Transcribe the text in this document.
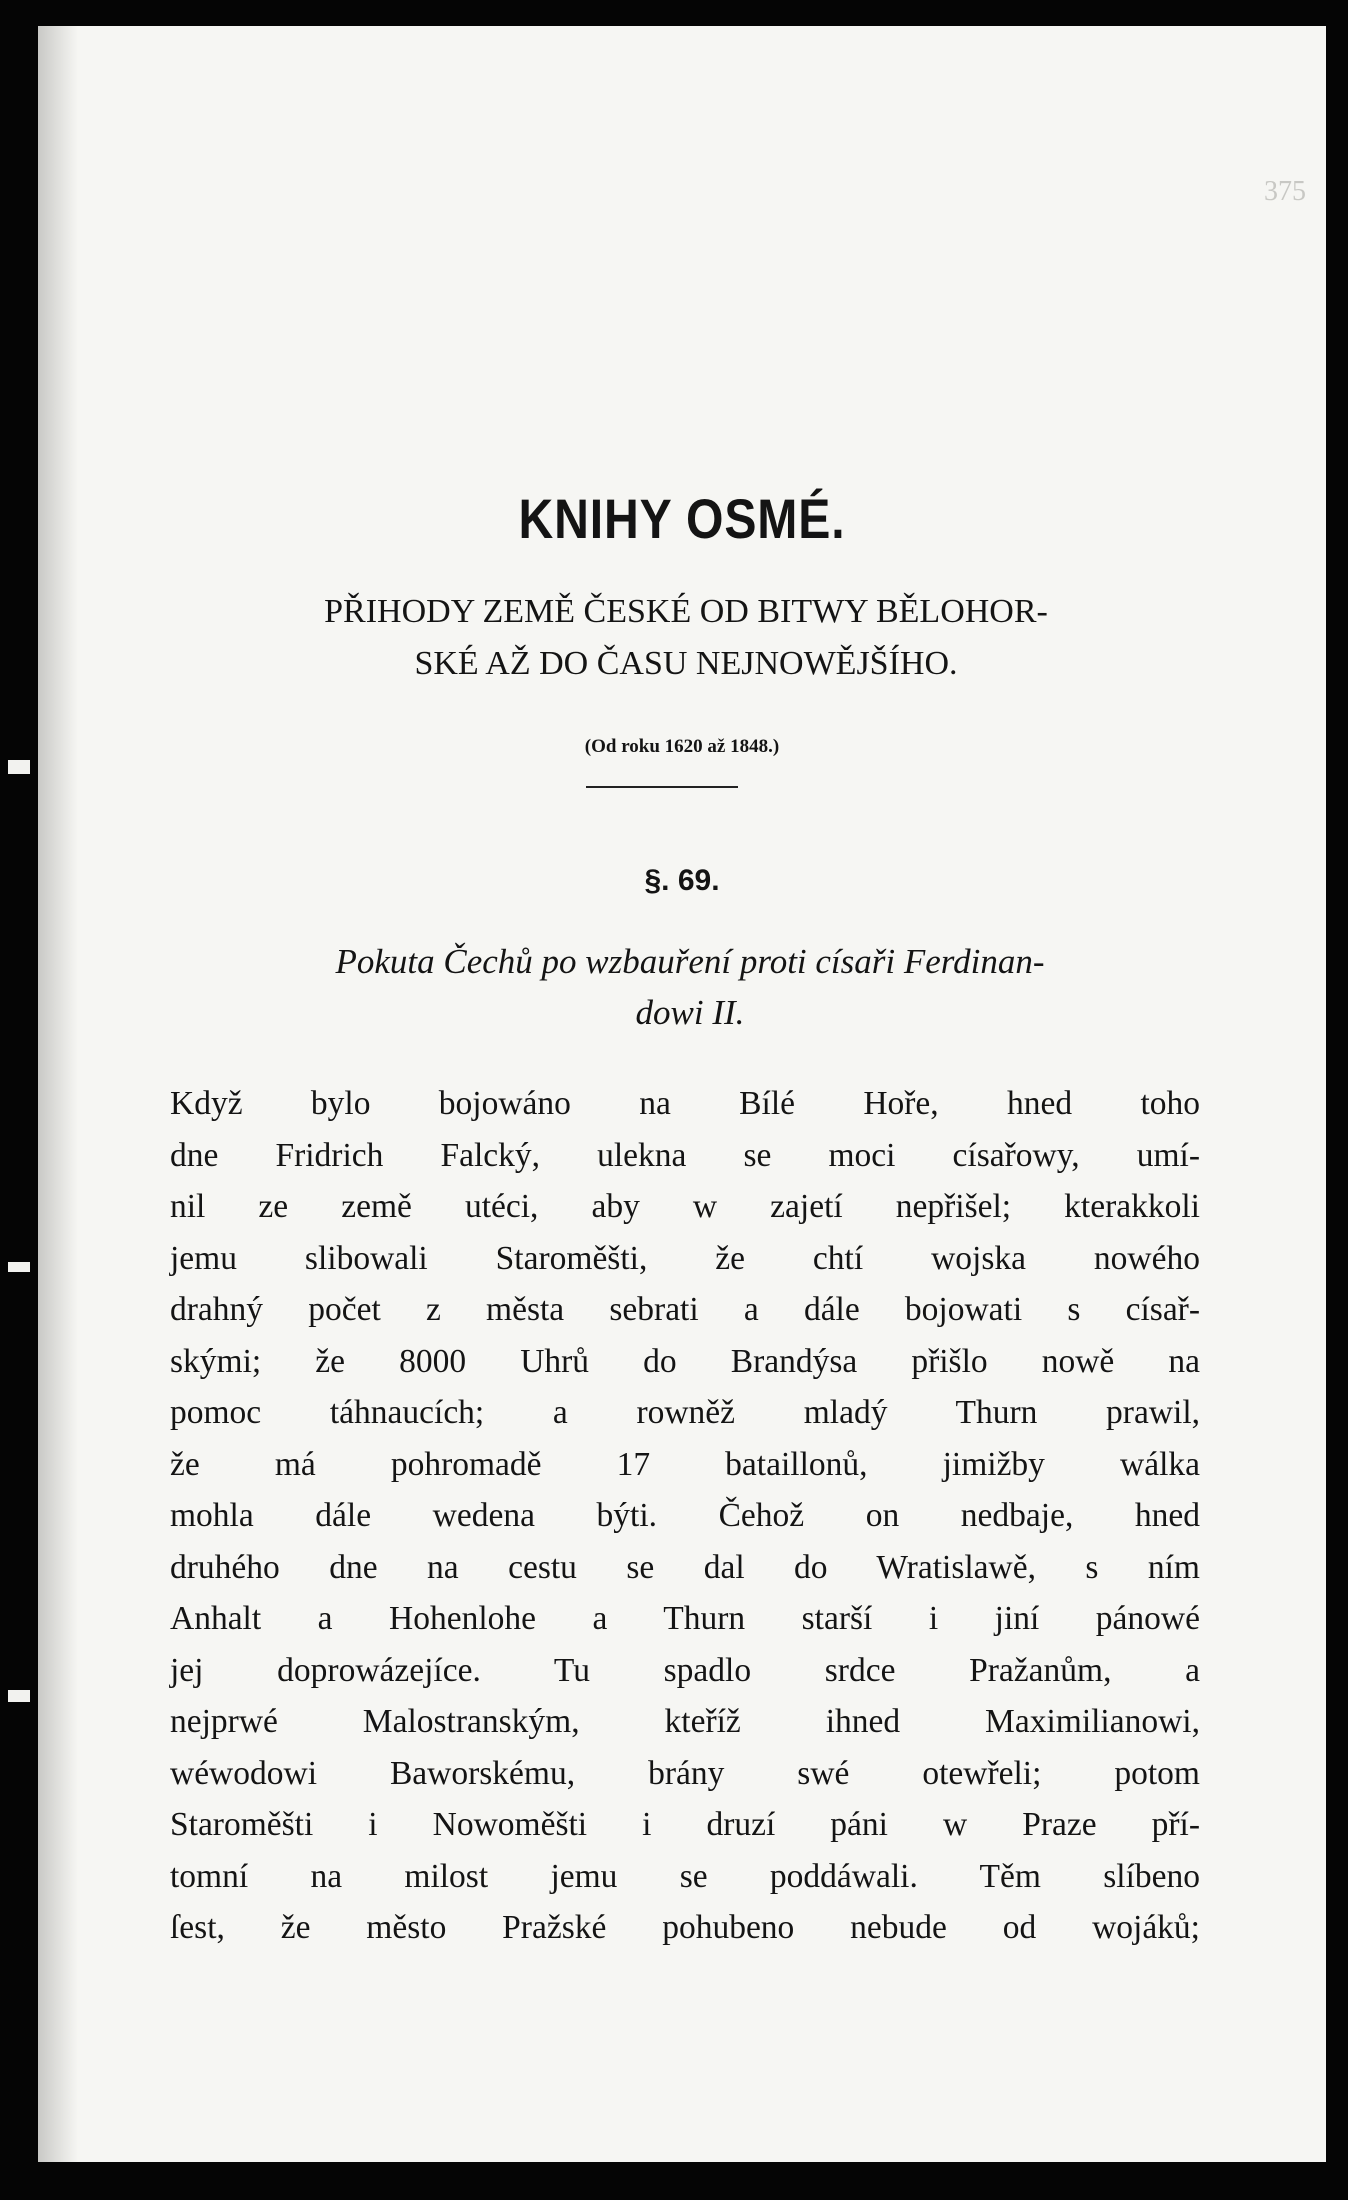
375
KNIHY OSMÉ.
PŘIHODY ZEMĚ ČESKÉ OD BITWY BĚLOHOR-
SKÉ AŽ DO ČASU NEJNOWĚJŠÍHO.
(Od roku 1620 až 1848.)
§. 69.
Pokuta Čechů po wzbauření proti císaři Ferdinan-
dowi II.
Když bylo bojowáno na Bílé Hoře, hned toho
dne Fridrich Falcký, ulekna se moci císařowy, umí-
nil ze země utéci, aby w zajetí nepřišel; kterakkoli
jemu slibowali Staroměšti, že chtí wojska nowého
drahný počet z města sebrati a dále bojowati s císař-
skými; že 8000 Uhrů do Brandýsa přišlo nowě na
pomoc táhnaucích; a rowněž mladý Thurn prawil,
že má pohromadě 17 bataillonů, jimižby wálka
mohla dále wedena býti. Čehož on nedbaje, hned
druhého dne na cestu se dal do Wratislawě, s ním
Anhalt a Hohenlohe a Thurn starší i jiní pánowé
jej doprowázejíce. Tu spadlo srdce Pražanům, a
nejprwé Malostranským, kteříž ihned Maximilianowi,
wéwodowi Baworskému, brány swé otewřeli; potom
Staroměšti i Nowoměšti i druzí páni w Praze pří-
tomní na milost jemu se poddáwali. Těm slíbeno
ſest, že město Pražské pohubeno nebude od wojáků;
